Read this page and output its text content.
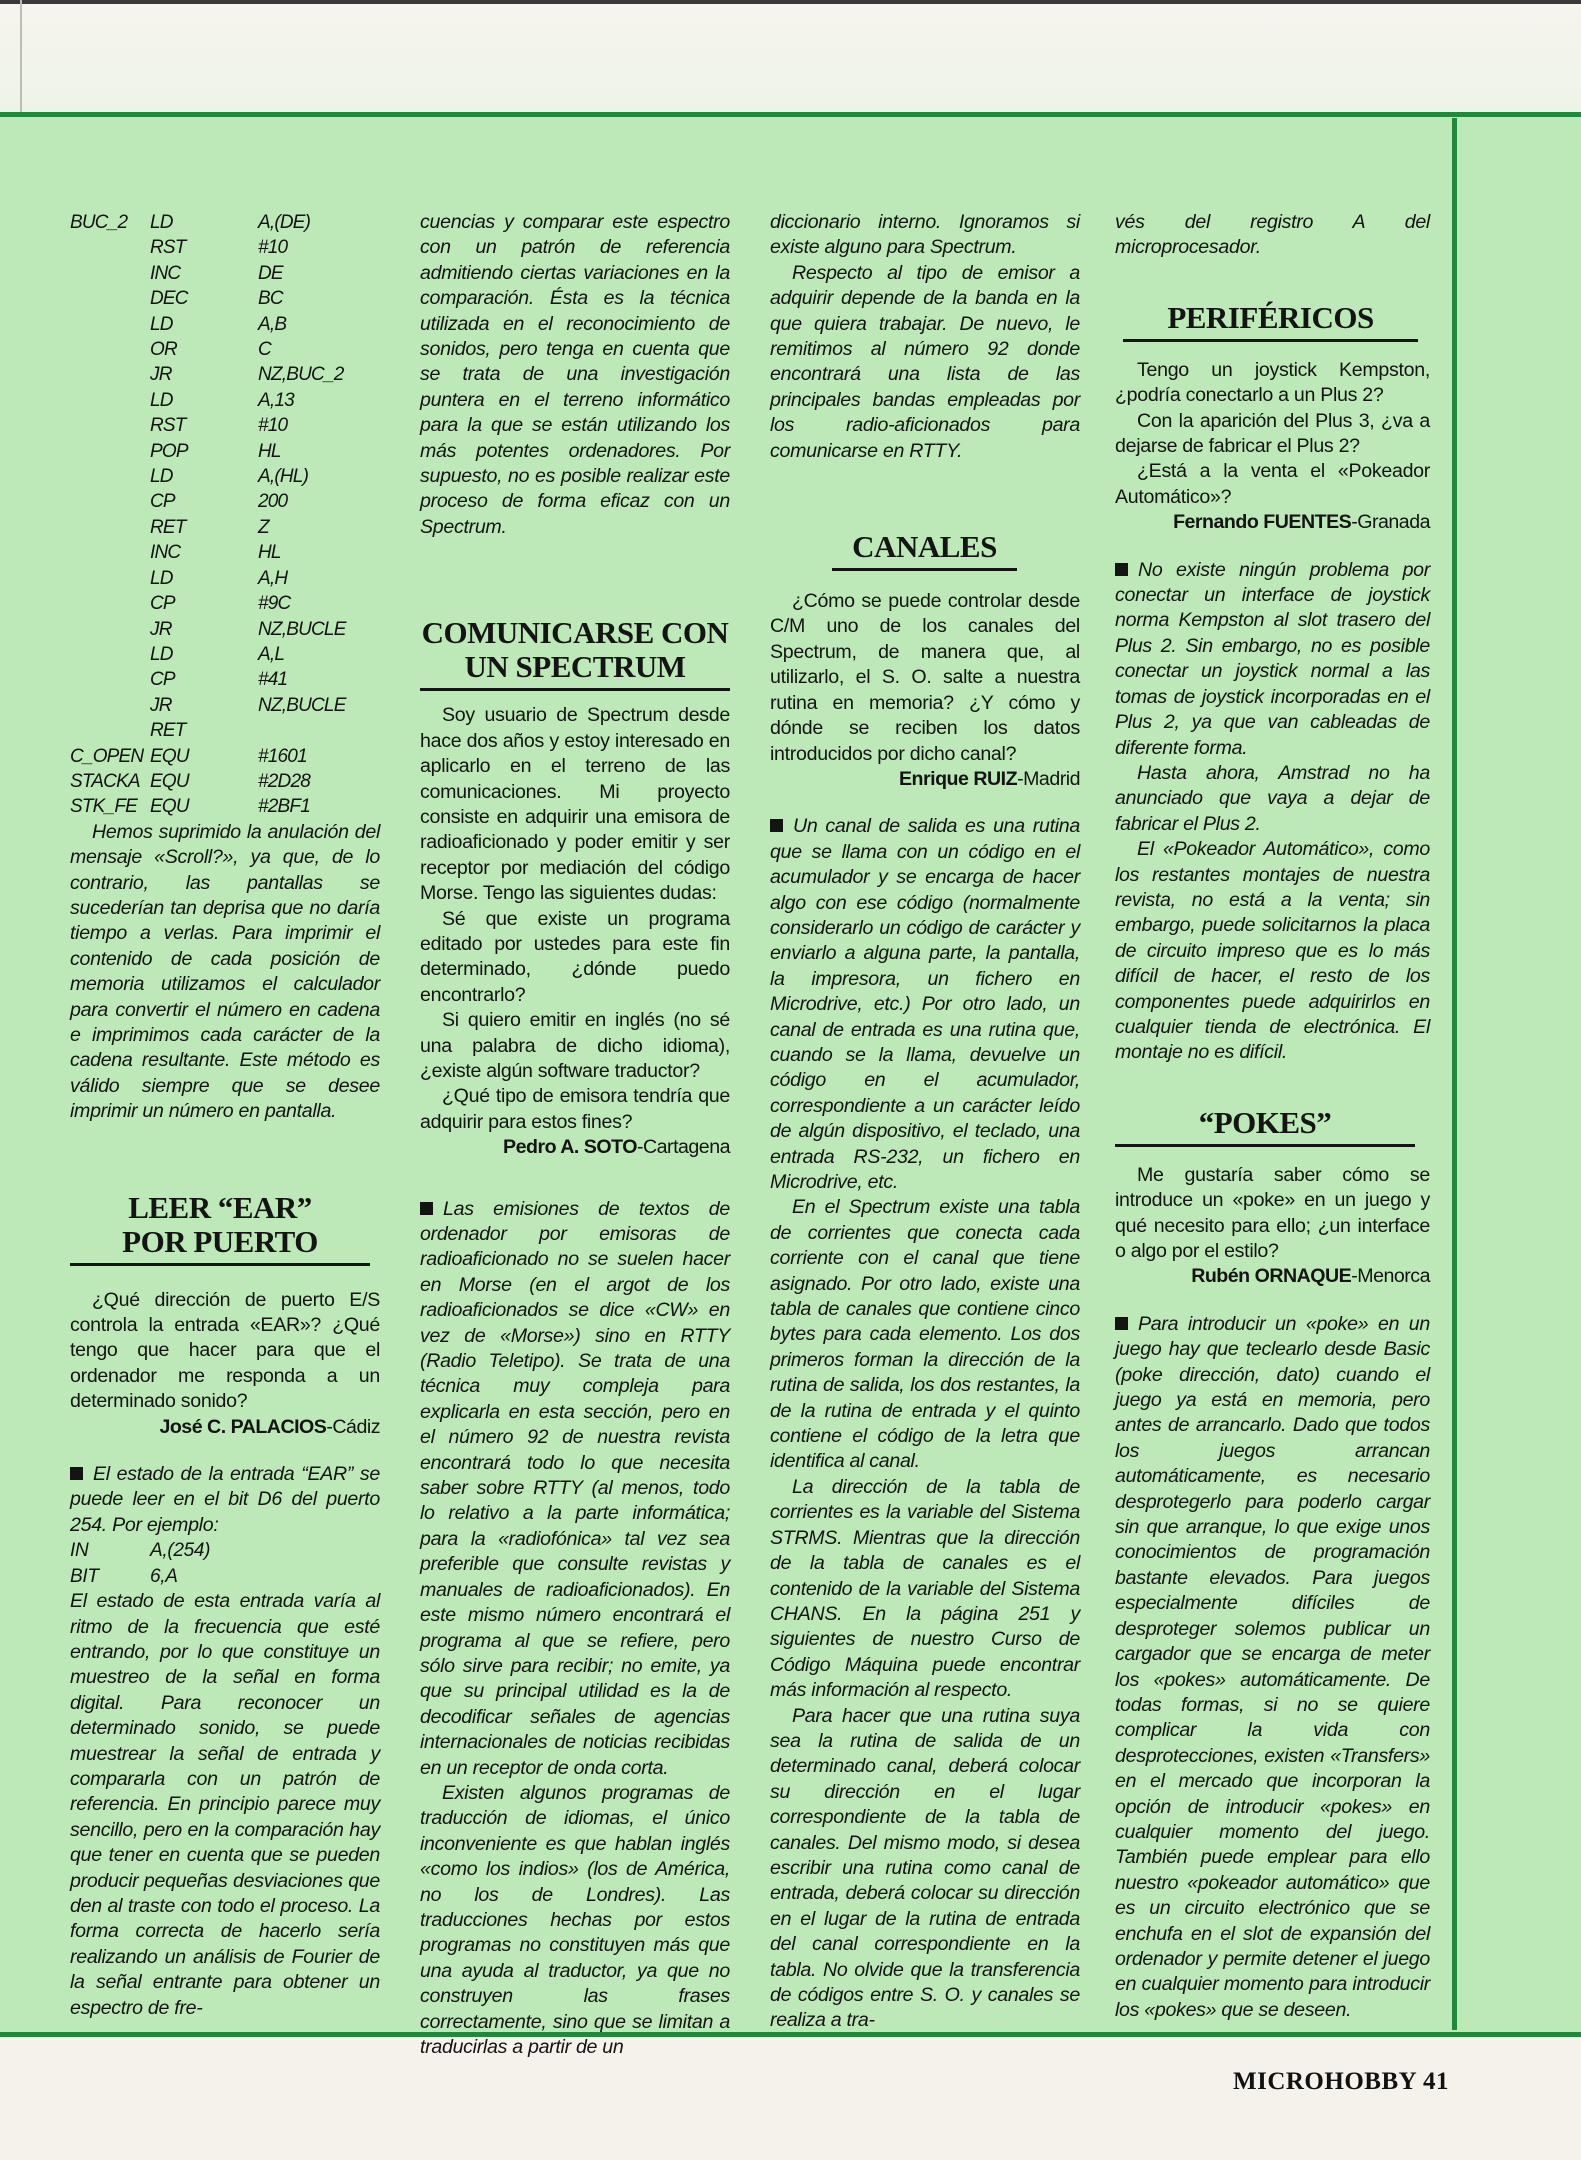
BUC_2	LD	A,(DE)
	RST	#10
	INC	DE
	DEC	BC
	LD	A,B
	OR	C
	JR	NZ,BUC_2
	LD	A,13
	RST	#10
	POP	HL
	LD	A,(HL)
	CP	200
	RET	Z
	INC	HL
	LD	A,H
	CP	#9C
	JR	NZ,BUCLE
	LD	A,L
	CP	#41
	JR	NZ,BUCLE
	RET	
C_OPEN	EQU	#1601
STACKA	EQU	#2D28
STK_FE	EQU	#2BF1

Hemos suprimido la anulación del mensaje «Scroll?», ya que, de lo contrario, las pantallas se sucederían tan deprisa que no daría tiempo a verlas. Para imprimir el contenido de cada posición de memoria utilizamos el calculador para convertir el número en cadena e imprimimos cada carácter de la cadena resultante. Este método es válido siempre que se desee imprimir un número en pantalla.

LEER “EAR”
POR PUERTO

¿Qué dirección de puerto E/S controla la entrada «EAR»? ¿Qué tengo que hacer para que el ordenador me responda a un determinado sonido?

José C. PALACIOS-Cádiz

El estado de la entrada “EAR” se puede leer en el bit D6 del puerto 254. Por ejemplo:

IN	A,(254)
BIT	6,A

El estado de esta entrada varía al ritmo de la frecuencia que esté entrando, por lo que constituye un muestreo de la señal en forma digital. Para reconocer un determinado sonido, se puede muestrear la señal de entrada y compararla con un patrón de referencia. En principio parece muy sencillo, pero en la comparación hay que tener en cuenta que se pueden producir pequeñas desviaciones que den al traste con todo el proceso. La forma correcta de hacerlo sería realizando un análisis de Fourier de la señal entrante para obtener un espectro de fre-

cuencias y comparar este espectro con un patrón de referencia admitiendo ciertas variaciones en la comparación. Ésta es la técnica utilizada en el reconocimiento de sonidos, pero tenga en cuenta que se trata de una investigación puntera en el terreno informático para la que se están utilizando los más potentes ordenadores. Por supuesto, no es posible realizar este proceso de forma eficaz con un Spectrum.

COMUNICARSE CON
UN SPECTRUM

Soy usuario de Spectrum desde hace dos años y estoy interesado en aplicarlo en el terreno de las comunicaciones. Mi proyecto consiste en adquirir una emisora de radioaficionado y poder emitir y ser receptor por mediación del código Morse. Tengo las siguientes dudas:

Sé que existe un programa editado por ustedes para este fin determinado, ¿dónde puedo encontrarlo?

Si quiero emitir en inglés (no sé una palabra de dicho idioma), ¿existe algún software traductor?

¿Qué tipo de emisora tendría que adquirir para estos fines?

Pedro A. SOTO-Cartagena

Las emisiones de textos de ordenador por emisoras de radioaficionado no se suelen hacer en Morse (en el argot de los radioaficionados se dice «CW» en vez de «Morse») sino en RTTY (Radio Teletipo). Se trata de una técnica muy compleja para explicarla en esta sección, pero en el número 92 de nuestra revista encontrará todo lo que necesita saber sobre RTTY (al menos, todo lo relativo a la parte informática; para la «radiofónica» tal vez sea preferible que consulte revistas y manuales de radioaficionados). En este mismo número encontrará el programa al que se refiere, pero sólo sirve para recibir; no emite, ya que su principal utilidad es la de decodificar señales de agencias internacionales de noticias recibidas en un receptor de onda corta.

Existen algunos programas de traducción de idiomas, el único inconveniente es que hablan inglés «como los indios» (los de América, no los de Londres). Las traducciones hechas por estos programas no constituyen más que una ayuda al traductor, ya que no construyen las frases correctamente, sino que se limitan a traducirlas a partir de un

diccionario interno. Ignoramos si existe alguno para Spectrum.

Respecto al tipo de emisor a adquirir depende de la banda en la que quiera trabajar. De nuevo, le remitimos al número 92 donde encontrará una lista de las principales bandas empleadas por los radio-aficionados para comunicarse en RTTY.

CANALES

¿Cómo se puede controlar desde C/M uno de los canales del Spectrum, de manera que, al utilizarlo, el S. O. salte a nuestra rutina en memoria? ¿Y cómo y dónde se reciben los datos introducidos por dicho canal?

Enrique RUIZ-Madrid

Un canal de salida es una rutina que se llama con un código en el acumulador y se encarga de hacer algo con ese código (normalmente considerarlo un código de carácter y enviarlo a alguna parte, la pantalla, la impresora, un fichero en Microdrive, etc.) Por otro lado, un canal de entrada es una rutina que, cuando se la llama, devuelve un código en el acumulador, correspondiente a un carácter leído de algún dispositivo, el teclado, una entrada RS-232, un fichero en Microdrive, etc.

En el Spectrum existe una tabla de corrientes que conecta cada corriente con el canal que tiene asignado. Por otro lado, existe una tabla de canales que contiene cinco bytes para cada elemento. Los dos primeros forman la dirección de la rutina de salida, los dos restantes, la de la rutina de entrada y el quinto contiene el código de la letra que identifica al canal.

La dirección de la tabla de corrientes es la variable del Sistema STRMS. Mientras que la dirección de la tabla de canales es el contenido de la variable del Sistema CHANS. En la página 251 y siguientes de nuestro Curso de Código Máquina puede encontrar más información al respecto.

Para hacer que una rutina suya sea la rutina de salida de un determinado canal, deberá colocar su dirección en el lugar correspondiente de la tabla de canales. Del mismo modo, si desea escribir una rutina como canal de entrada, deberá colocar su dirección en el lugar de la rutina de entrada del canal correspondiente en la tabla. No olvide que la transferencia de códigos entre S. O. y canales se realiza a tra-

vés del registro A del microprocesador.

PERIFÉRICOS

Tengo un joystick Kempston, ¿podría conectarlo a un Plus 2?

Con la aparición del Plus 3, ¿va a dejarse de fabricar el Plus 2?

¿Está a la venta el «Pokeador Automático»?

Fernando FUENTES-Granada

No existe ningún problema por conectar un interface de joystick norma Kempston al slot trasero del Plus 2. Sin embargo, no es posible conectar un joystick normal a las tomas de joystick incorporadas en el Plus 2, ya que van cableadas de diferente forma.

Hasta ahora, Amstrad no ha anunciado que vaya a dejar de fabricar el Plus 2.

El «Pokeador Automático», como los restantes montajes de nuestra revista, no está a la venta; sin embargo, puede solicitarnos la placa de circuito impreso que es lo más difícil de hacer, el resto de los componentes puede adquirirlos en cualquier tienda de electrónica. El montaje no es difícil.

“POKES”

Me gustaría saber cómo se introduce un «poke» en un juego y qué necesito para ello; ¿un interface o algo por el estilo?

Rubén ORNAQUE-Menorca

Para introducir un «poke» en un juego hay que teclearlo desde Basic (poke dirección, dato) cuando el juego ya está en memoria, pero antes de arrancarlo. Dado que todos los juegos arrancan automáticamente, es necesario desprotegerlo para poderlo cargar sin que arranque, lo que exige unos conocimientos de programación bastante elevados. Para juegos especialmente difíciles de desproteger solemos publicar un cargador que se encarga de meter los «pokes» automáticamente. De todas formas, si no se quiere complicar la vida con desprotecciones, existen «Transfers» en el mercado que incorporan la opción de introducir «pokes» en cualquier momento del juego. También puede emplear para ello nuestro «pokeador automático» que es un circuito electrónico que se enchufa en el slot de expansión del ordenador y permite detener el juego en cualquier momento para introducir los «pokes» que se deseen.

MICROHOBBY 41
